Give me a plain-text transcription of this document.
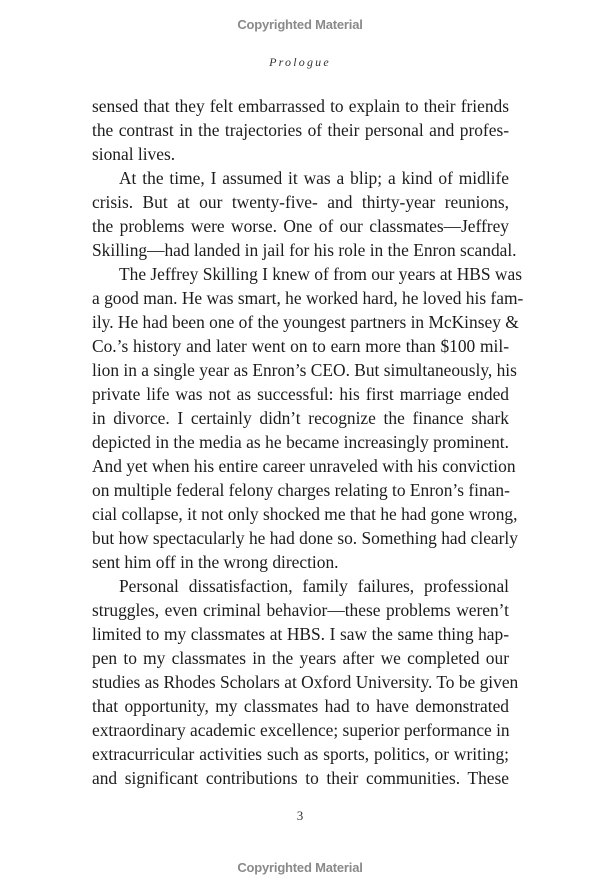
Copyrighted Material
Prologue
sensed that they felt embarrassed to explain to their friends
the contrast in the trajectories of their personal and profes-
sional lives.
At the time, I assumed it was a blip; a kind of midlife
crisis. But at our twenty-five- and thirty-year reunions,
the problems were worse. One of our classmates—Jeffrey
Skilling—had landed in jail for his role in the Enron scandal.
The Jeffrey Skilling I knew of from our years at HBS was
a good man. He was smart, he worked hard, he loved his fam-
ily. He had been one of the youngest partners in McKinsey &
Co.’s history and later went on to earn more than $100 mil-
lion in a single year as Enron’s CEO. But simultaneously, his
private life was not as successful: his first marriage ended
in divorce. I certainly didn’t recognize the finance shark
depicted in the media as he became increasingly prominent.
And yet when his entire career unraveled with his conviction
on multiple federal felony charges relating to Enron’s finan-
cial collapse, it not only shocked me that he had gone wrong,
but how spectacularly he had done so. Something had clearly
sent him off in the wrong direction.
Personal dissatisfaction, family failures, professional
struggles, even criminal behavior—these problems weren’t
limited to my classmates at HBS. I saw the same thing hap-
pen to my classmates in the years after we completed our
studies as Rhodes Scholars at Oxford University. To be given
that opportunity, my classmates had to have demonstrated
extraordinary academic excellence; superior performance in
extracurricular activities such as sports, politics, or writing;
and significant contributions to their communities. These
3
Copyrighted Material
